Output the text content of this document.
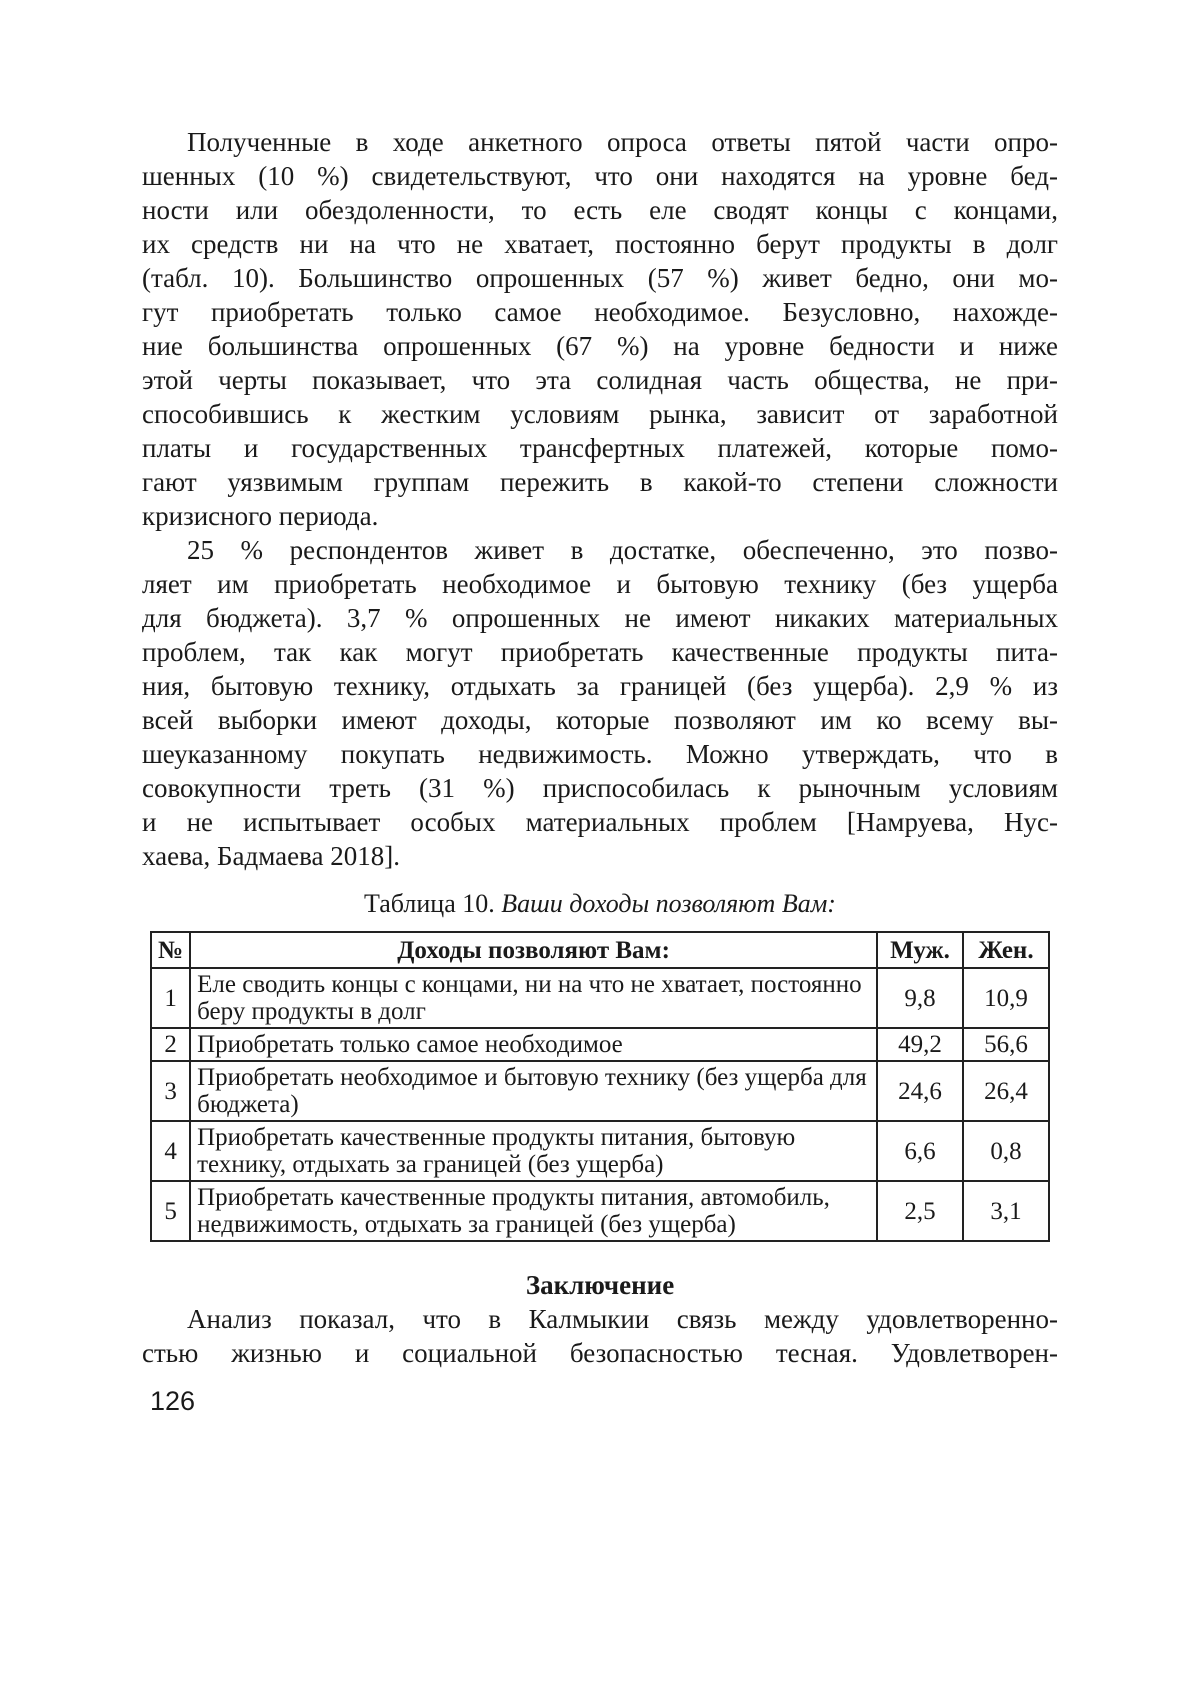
Полученные в ходе анкетного опроса ответы пятой части опро-
шенных (10 %) свидетельствуют, что они находятся на уровне бед-
ности или обездоленности, то есть еле сводят концы с концами,
их средств ни на что не хватает, постоянно берут продукты в долг
(табл. 10). Большинство опрошенных (57 %) живет бедно, они мо-
гут приобретать только самое необходимое. Безусловно, нахожде-
ние большинства опрошенных (67 %) на уровне бедности и ниже
этой черты показывает, что эта солидная часть общества, не при-
способившись к жестким условиям рынка, зависит от заработной
платы и государственных трансфертных платежей, которые помо-
гают уязвимым группам пережить в какой-то степени сложности
кризисного периода.
25 % респондентов живет в достатке, обеспеченно, это позво-
ляет им приобретать необходимое и бытовую технику (без ущерба
для бюджета). 3,7 % опрошенных не имеют никаких материальных
проблем, так как могут приобретать качественные продукты пита-
ния, бытовую технику, отдыхать за границей (без ущерба). 2,9 % из
всей выборки имеют доходы, которые позволяют им ко всему вы-
шеуказанному покупать недвижимость. Можно утверждать, что в
совокупности треть (31 %) приспособилась к рыночным условиям
и не испытывает особых материальных проблем [Намруева, Нус-
хаева, Бадмаева 2018].
Таблица 10. Ваши доходы позволяют Вам:
№	Доходы позволяют Вам:	Муж.	Жен.
1	Еле сводить концы с концами, ни на что не хватает, постоянно беру продукты в долг	9,8	10,9
2	Приобретать только самое необходимое	49,2	56,6
3	Приобретать необходимое и бытовую технику (без ущерба для бюджета)	24,6	26,4
4	Приобретать качественные продукты питания, бытовую технику, отдыхать за границей (без ущерба)	6,6	0,8
5	Приобретать качественные продукты питания, автомобиль, недвижимость, отдыхать за границей (без ущерба)	2,5	3,1
Заключение
Анализ показал, что в Калмыкии связь между удовлетворенно-
стью жизнью и социальной безопасностью тесная. Удовлетворен-
126
